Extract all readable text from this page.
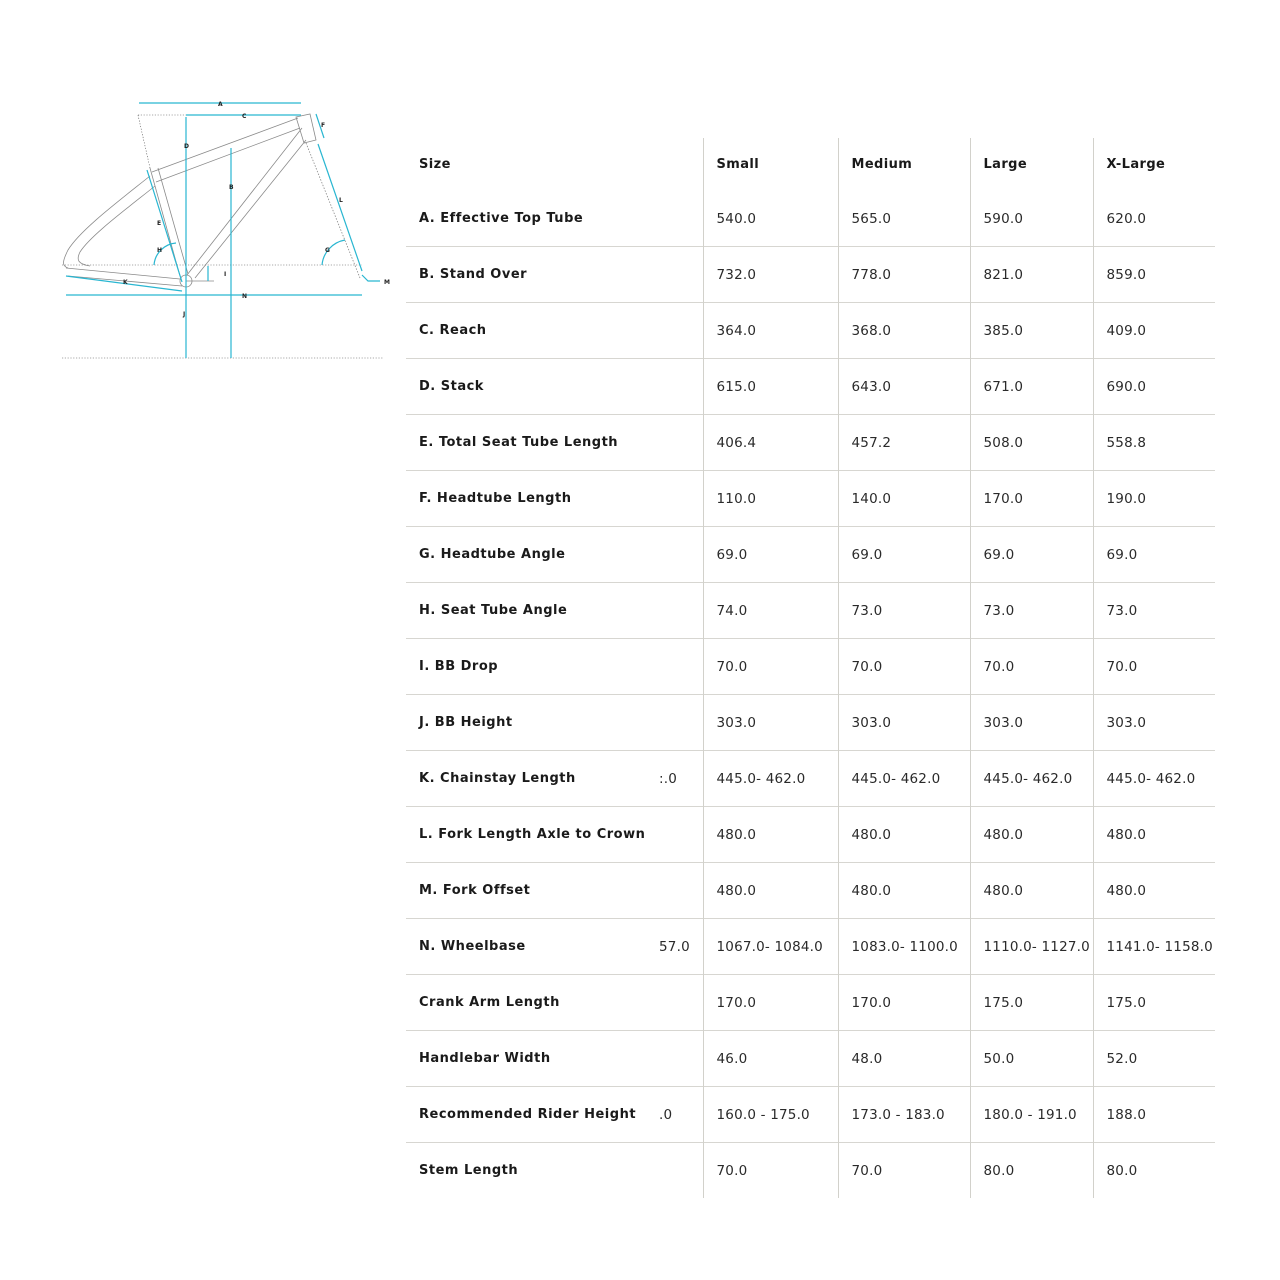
A
B
C
D
E
F
G
H
I
J
K
L
M
N
Size	Small	Medium	Large	X-Large
A. Effective Top Tube	540.0	565.0	590.0	620.0
B. Stand Over	732.0	778.0	821.0	859.0
C. Reach	364.0	368.0	385.0	409.0
D. Stack	615.0	643.0	671.0	690.0
E. Total Seat Tube Length	406.4	457.2	508.0	558.8
F. Headtube Length	110.0	140.0	170.0	190.0
G. Headtube Angle	69.0	69.0	69.0	69.0
H. Seat Tube Angle	74.0	73.0	73.0	73.0
I. BB Drop	70.0	70.0	70.0	70.0
J. BB Height	303.0	303.0	303.0	303.0
K. Chainstay Length :.0	445.0- 462.0	445.0- 462.0	445.0- 462.0	445.0- 462.0
L. Fork Length Axle to Crown	480.0	480.0	480.0	480.0
M. Fork Offset	480.0	480.0	480.0	480.0
N. Wheelbase 57.0	1067.0- 1084.0	1083.0- 1100.0	1110.0- 1127.0	1141.0- 1158.0
Crank Arm Length	170.0	170.0	175.0	175.0
Handlebar Width	46.0	48.0	50.0	52.0
Recommended Rider Height .0	160.0 - 175.0	173.0 - 183.0	180.0 - 191.0	188.0
Stem Length	70.0	70.0	80.0	80.0
